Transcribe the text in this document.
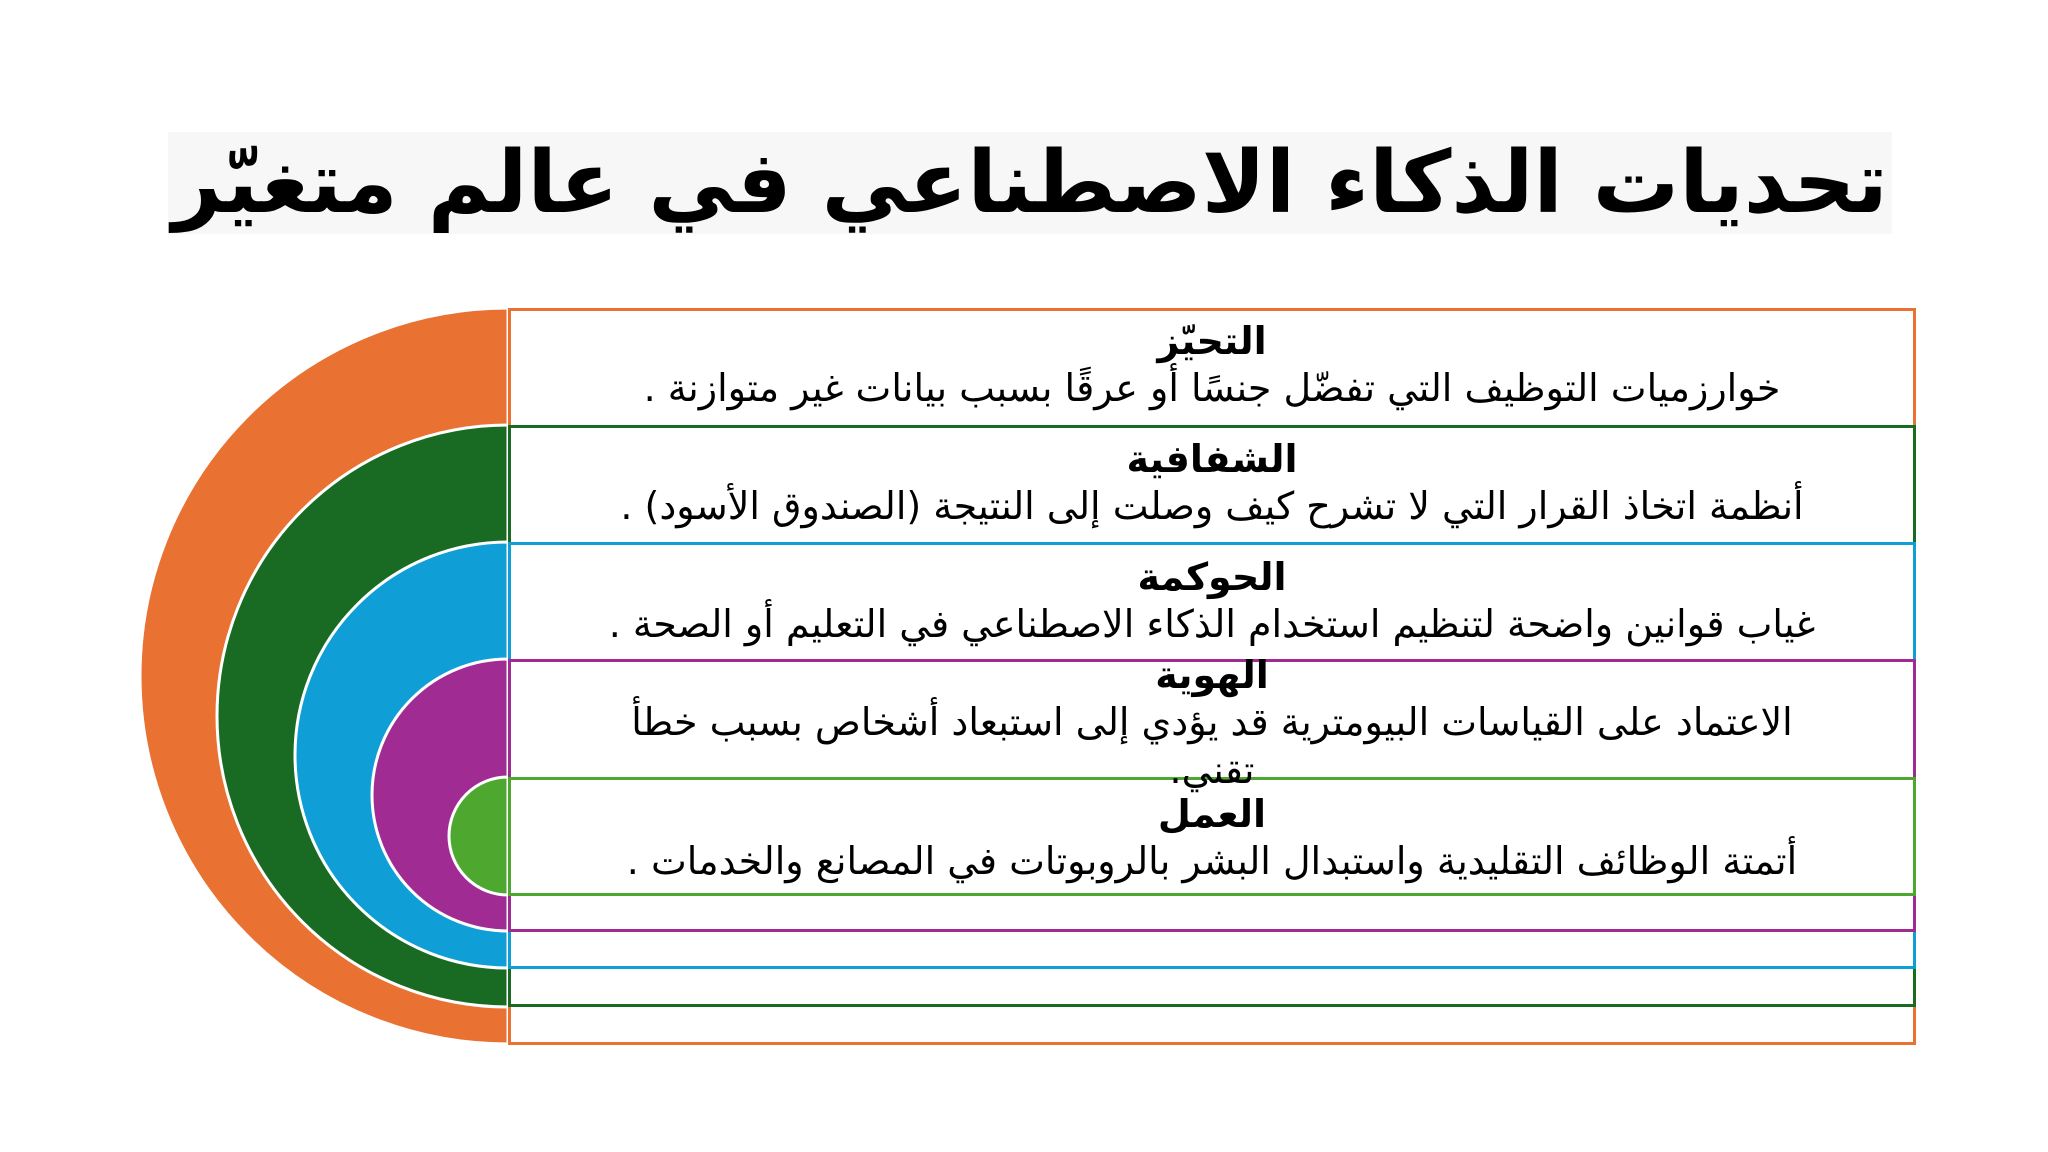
تحديات الذكاء الاصطناعي في عالم متغيّر
التحيّز
خوارزميات التوظيف التي تفضّل جنسًا أو عرقًا بسبب بيانات غير متوازنة .
الشفافية
أنظمة اتخاذ القرار التي لا تشرح كيف وصلت إلى النتيجة (الصندوق الأسود) .
الحوكمة
غياب قوانين واضحة لتنظيم استخدام الذكاء الاصطناعي في التعليم أو الصحة .
الهوية
الاعتماد على القياسات البيومترية قد يؤدي إلى استبعاد أشخاص بسبب خطأ تقني.
العمل
أتمتة الوظائف التقليدية واستبدال البشر بالروبوتات في المصانع والخدمات .
